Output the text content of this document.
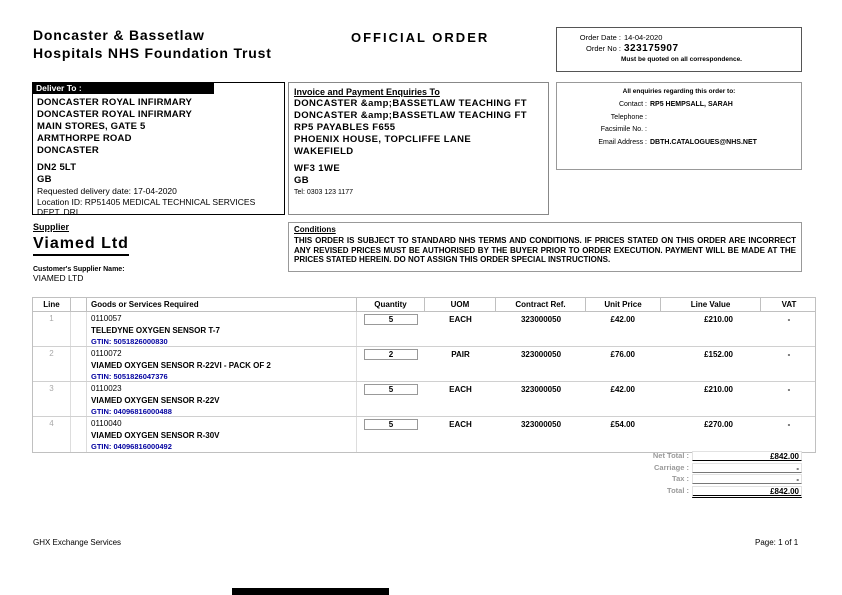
Doncaster & Bassetlaw
Hospitals NHS Foundation Trust
OFFICIAL ORDER	Order Date : 14-04-2020
Order No : 323175907
Must be quoted on all correspondence.
Deliver To :
DONCASTER ROYAL INFIRMARY
DONCASTER ROYAL INFIRMARY
MAIN STORES, GATE 5
ARMTHORPE ROAD
DONCASTER
DN2 5LT
GB
Requested delivery date: 17-04-2020
Location ID: RP51405 MEDICAL TECHNICAL SERVICES DEPT. DRI
Invoice and Payment Enquiries To
DONCASTER &amp;BASSETLAW TEACHING FT
DONCASTER &amp;BASSETLAW TEACHING FT
RP5 PAYABLES F655
PHOENIX HOUSE, TOPCLIFFE LANE
WAKEFIELD
WF3 1WE
GB
Tel: 0303 123 1177
All enquiries regarding this order to:
Contact : RP5 HEMPSALL, SARAH
Telephone :
Facsimile No. :
Email Address : DBTH.CATALOGUES@NHS.NET
Supplier
Viamed Ltd
Customer's Supplier Name:
VIAMED LTD
Conditions
THIS ORDER IS SUBJECT TO STANDARD NHS TERMS AND CONDITIONS. IF PRICES STATED ON THIS ORDER ARE INCORRECT ANY REVISED PRICES MUST BE AUTHORISED BY THE BUYER PRIOR TO ORDER EXECUTION. PAYMENT WILL BE MADE AT THE PRICES STATED HEREIN. DO NOT ASSIGN THIS ORDER SPECIAL INSTRUCTIONS.
Line	Goods or Services Required	Quantity	UOM	Contract Ref.	Unit Price	Line Value	VAT
1	0110057
TELEDYNE OXYGEN SENSOR T-7
GTIN: 5051826000830
5	EACH	323000050	£42.00	£210.00	-
2	0110072
VIAMED OXYGEN SENSOR R-22VI - PACK OF 2
GTIN: 5051826047376
2	PAIR	323000050	£76.00	£152.00	-
3	0110023
VIAMED OXYGEN SENSOR R-22V
GTIN: 04096816000488
5	EACH	323000050	£42.00	£210.00	-
4	0110040
VIAMED OXYGEN SENSOR R-30V
GTIN: 04096816000492
5	EACH	323000050	£54.00	£270.00	-
Net Total :	£842.00
Carriage :	-
Tax :	-
Total :	£842.00
GHX Exchange Services	Page: 1 of 1
